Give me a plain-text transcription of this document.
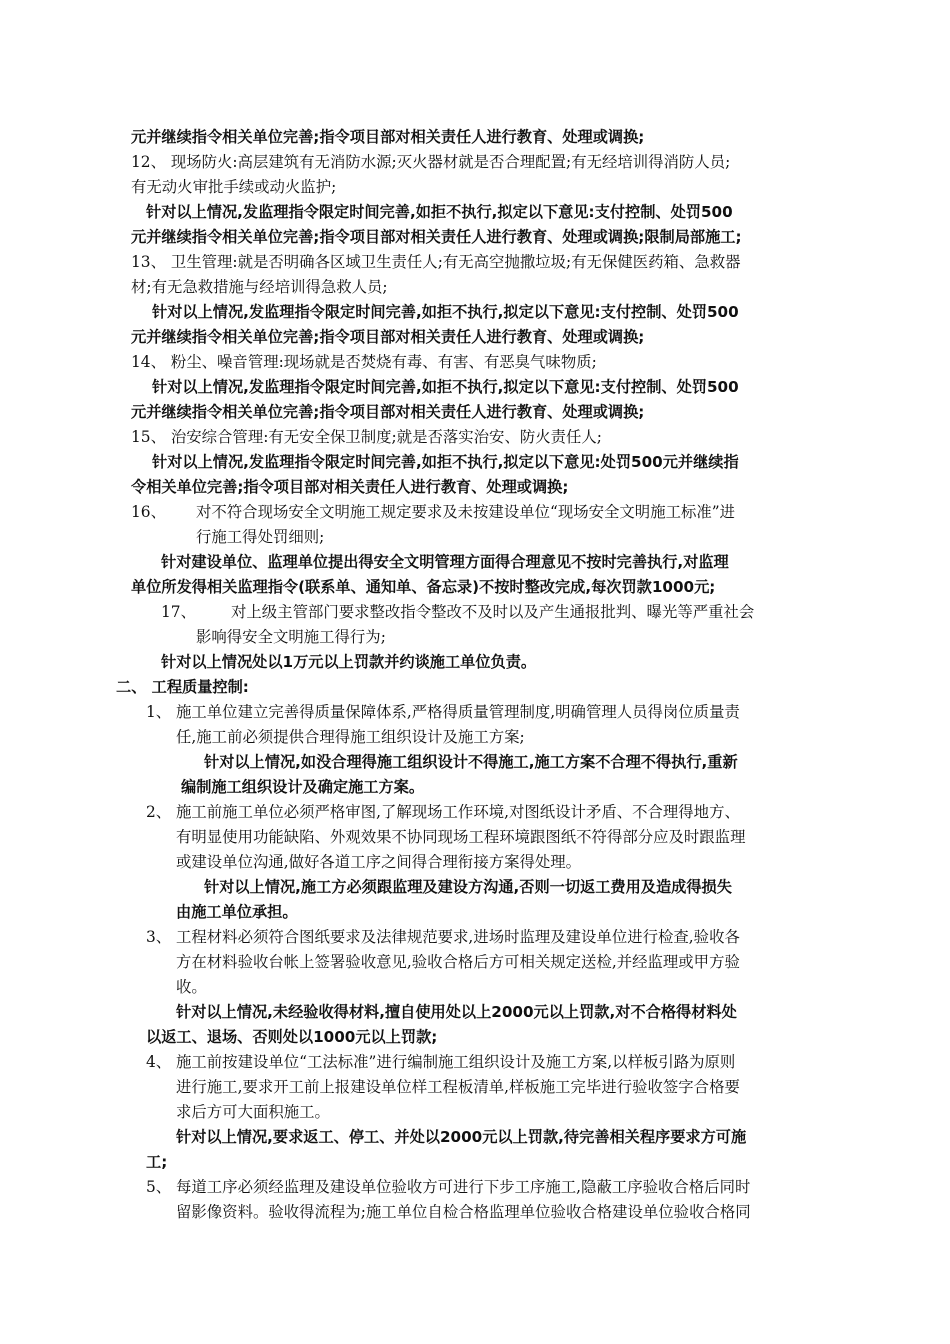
元并继续指令相关单位完善;指令项目部对相关责任人进行教育、处理或调换;
12、 现场防火:高层建筑有无消防水源;灭火器材就是否合理配置;有无经培训得消防人员;
有无动火审批手续或动火监护;
针对以上情况,发监理指令限定时间完善,如拒不执行,拟定以下意见:支付控制、处罚500
元并继续指令相关单位完善;指令项目部对相关责任人进行教育、处理或调换;限制局部施工;
13、 卫生管理:就是否明确各区域卫生责任人;有无高空抛撒垃圾;有无保健医药箱、急救器
材;有无急救措施与经培训得急救人员;
针对以上情况,发监理指令限定时间完善,如拒不执行,拟定以下意见:支付控制、处罚500
元并继续指令相关单位完善;指令项目部对相关责任人进行教育、处理或调换;
14、 粉尘、噪音管理:现场就是否焚烧有毒、有害、有恶臭气味物质;
针对以上情况,发监理指令限定时间完善,如拒不执行,拟定以下意见:支付控制、处罚500
元并继续指令相关单位完善;指令项目部对相关责任人进行教育、处理或调换;
15、 治安综合管理:有无安全保卫制度;就是否落实治安、防火责任人;
针对以上情况,发监理指令限定时间完善,如拒不执行,拟定以下意见:处罚500元并继续指
令相关单位完善;指令项目部对相关责任人进行教育、处理或调换;
16、 对不符合现场安全文明施工规定要求及未按建设单位“现场安全文明施工标准”进
行施工得处罚细则;
针对建设单位、监理单位提出得安全文明管理方面得合理意见不按时完善执行,对监理
单位所发得相关监理指令(联系单、通知单、备忘录)不按时整改完成,每次罚款1000元;
17、 对上级主管部门要求整改指令整改不及时以及产生通报批判、曝光等严重社会
影响得安全文明施工得行为;
针对以上情况处以1万元以上罚款并约谈施工单位负责。
二、 工程质量控制:
1、 施工单位建立完善得质量保障体系,严格得质量管理制度,明确管理人员得岗位质量责
任,施工前必须提供合理得施工组织设计及施工方案;
针对以上情况,如没合理得施工组织设计不得施工,施工方案不合理不得执行,重新
编制施工组织设计及确定施工方案。
2、 施工前施工单位必须严格审图,了解现场工作环境,对图纸设计矛盾、不合理得地方、
有明显使用功能缺陷、外观效果不协同现场工程环境跟图纸不符得部分应及时跟监理
或建设单位沟通,做好各道工序之间得合理衔接方案得处理。
针对以上情况,施工方必须跟监理及建设方沟通,否则一切返工费用及造成得损失
由施工单位承担。
3、 工程材料必须符合图纸要求及法律规范要求,进场时监理及建设单位进行检查,验收各
方在材料验收台帐上签署验收意见,验收合格后方可相关规定送检,并经监理或甲方验
收。
针对以上情况,未经验收得材料,擅自使用处以上2000元以上罚款,对不合格得材料处
以返工、退场、否则处以1000元以上罚款;
4、 施工前按建设单位“工法标准”进行编制施工组织设计及施工方案,以样板引路为原则
进行施工,要求开工前上报建设单位样工程板清单,样板施工完毕进行验收签字合格要
求后方可大面积施工。
针对以上情况,要求返工、停工、并处以2000元以上罚款,待完善相关程序要求方可施
工;
5、 每道工序必须经监理及建设单位验收方可进行下步工序施工,隐蔽工序验收合格后同时
留影像资料。验收得流程为;施工单位自检合格监理单位验收合格建设单位验收合格同
